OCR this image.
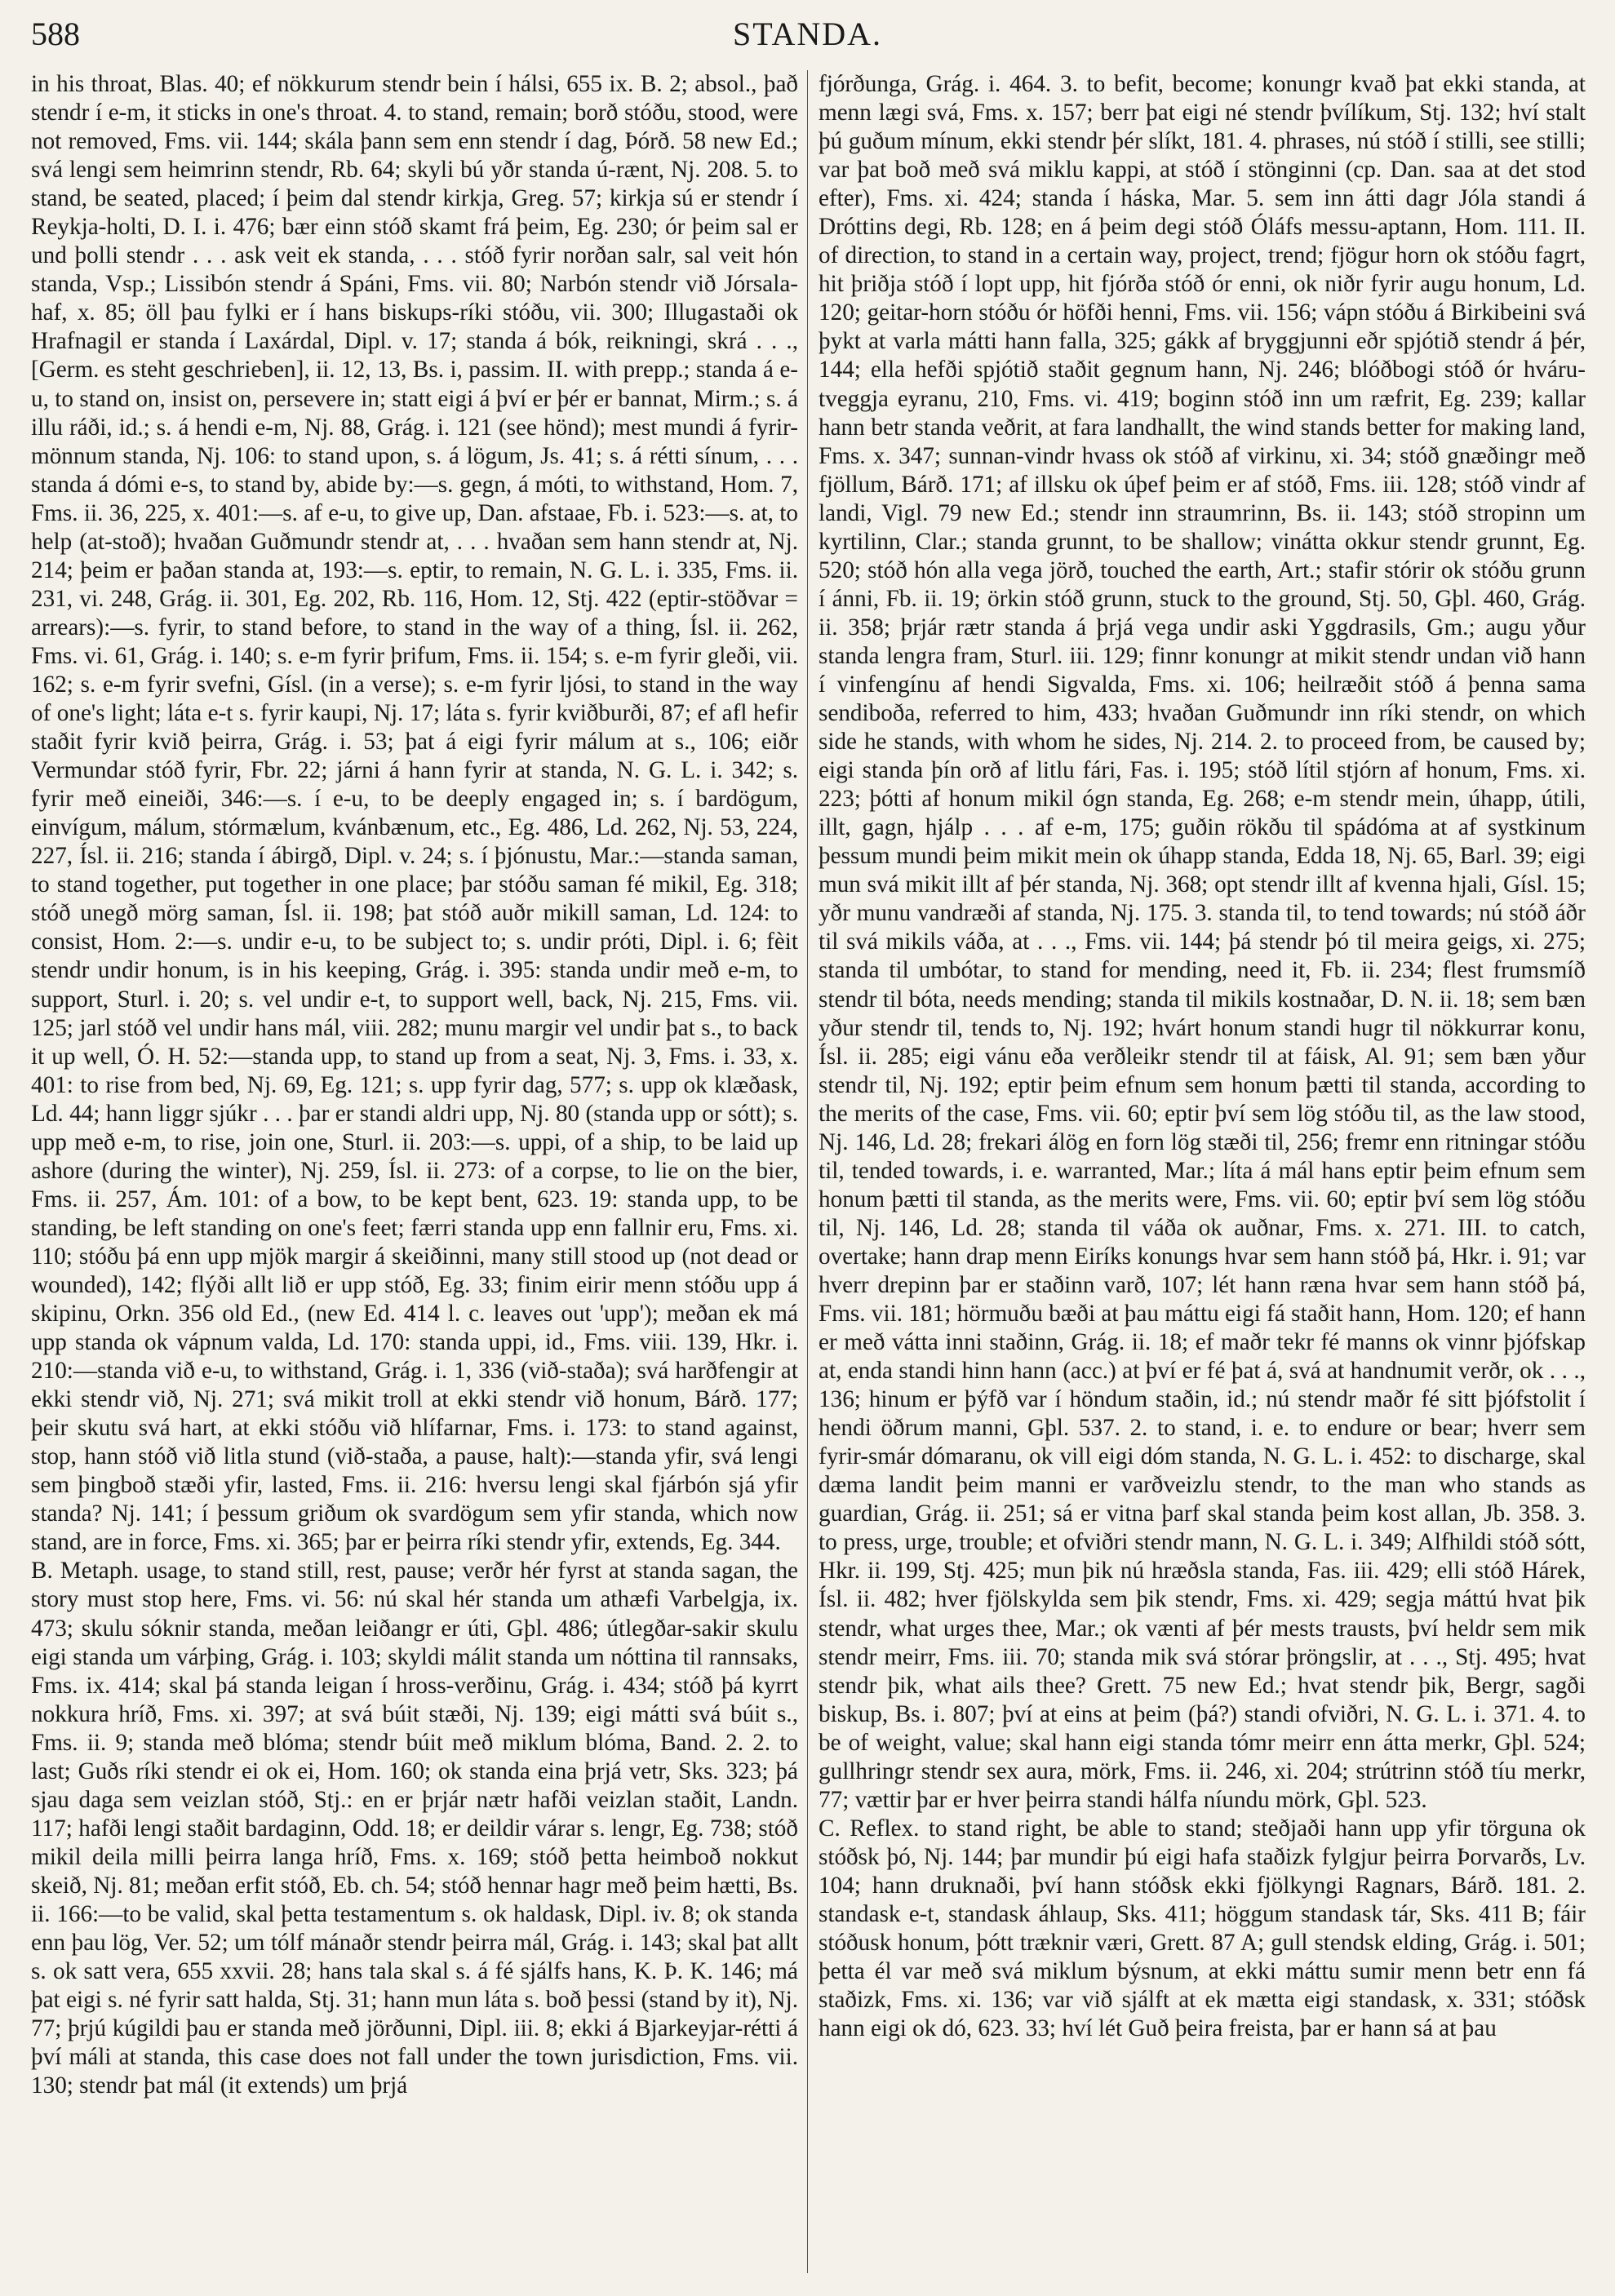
588	STANDA.

in his throat, Blas. 40; ef nökkurum stendr bein í hálsi, 655 ix. B. 2; absol., það stendr í e-m, it sticks in one's throat. 4. to stand, remain; borð stóðu, stood, were not removed, Fms. vii. 144; skála þann sem enn stendr í dag, Þórð. 58 new Ed.; svá lengi sem heimrinn stendr, Rb. 64; skyli bú yðr standa ú-rænt, Nj. 208. 5. to stand, be seated, placed; í þeim dal stendr kirkja, Greg. 57; kirkja sú er stendr í Reykja-holti, D. I. i. 476; bær einn stóð skamt frá þeim, Eg. 230; ór þeim sal er und þolli stendr . . . ask veit ek standa, . . . stóð fyrir norðan salr, sal veit hón standa, Vsp.; Lissibón stendr á Spáni, Fms. vii. 80; Narbón stendr við Jórsala-haf, x. 85; öll þau fylki er í hans biskups-ríki stóðu, vii. 300; Illugastaði ok Hrafnagil er standa í Laxárdal, Dipl. v. 17; standa á bók, reikningi, skrá . . ., [Germ. es steht geschrieben], ii. 12, 13, Bs. i, passim. II. with prepp.; standa á e-u, to stand on, insist on, persevere in; statt eigi á því er þér er bannat, Mirm.; s. á illu ráði, id.; s. á hendi e-m, Nj. 88, Grág. i. 121 (see hönd); mest mundi á fyrir-mönnum standa, Nj. 106: to stand upon, s. á lögum, Js. 41; s. á rétti sínum, . . . standa á dómi e-s, to stand by, abide by:—s. gegn, á móti, to withstand, Hom. 7, Fms. ii. 36, 225, x. 401:—s. af e-u, to give up, Dan. afstaae, Fb. i. 523:—s. at, to help (at-stoð); hvaðan Guðmundr stendr at, . . . hvaðan sem hann stendr at, Nj. 214; þeim er þaðan standa at, 193:—s. eptir, to remain, N. G. L. i. 335, Fms. ii. 231, vi. 248, Grág. ii. 301, Eg. 202, Rb. 116, Hom. 12, Stj. 422 (eptir-stöðvar = arrears):—s. fyrir, to stand before, to stand in the way of a thing, Ísl. ii. 262, Fms. vi. 61, Grág. i. 140; s. e-m fyrir þrifum, Fms. ii. 154; s. e-m fyrir gleði, vii. 162; s. e-m fyrir svefni, Gísl. (in a verse); s. e-m fyrir ljósi, to stand in the way of one's light; láta e-t s. fyrir kaupi, Nj. 17; láta s. fyrir kviðburði, 87; ef afl hefir staðit fyrir kvið þeirra, Grág. i. 53; þat á eigi fyrir málum at s., 106; eiðr Vermundar stóð fyrir, Fbr. 22; járni á hann fyrir at standa, N. G. L. i. 342; s. fyrir með eineiði, 346:—s. í e-u, to be deeply engaged in; s. í bardögum, einvígum, málum, stórmælum, kvánbænum, etc., Eg. 486, Ld. 262, Nj. 53, 224, 227, Ísl. ii. 216; standa í ábirgð, Dipl. v. 24; s. í þjónustu, Mar.:—standa saman, to stand together, put together in one place; þar stóðu saman fé mikil, Eg. 318; stóð unegð mörg saman, Ísl. ii. 198; þat stóð auðr mikill saman, Ld. 124: to consist, Hom. 2:—s. undir e-u, to be subject to; s. undir próti, Dipl. i. 6; fèit stendr undir honum, is in his keeping, Grág. i. 395: standa undir með e-m, to support, Sturl. i. 20; s. vel undir e-t, to support well, back, Nj. 215, Fms. vii. 125; jarl stóð vel undir hans mál, viii. 282; munu margir vel undir þat s., to back it up well, Ó. H. 52:—standa upp, to stand up from a seat, Nj. 3, Fms. i. 33, x. 401: to rise from bed, Nj. 69, Eg. 121; s. upp fyrir dag, 577; s. upp ok klæðask, Ld. 44; hann liggr sjúkr . . . þar er standi aldri upp, Nj. 80 (standa upp or sótt); s. upp með e-m, to rise, join one, Sturl. ii. 203:—s. uppi, of a ship, to be laid up ashore (during the winter), Nj. 259, Ísl. ii. 273: of a corpse, to lie on the bier, Fms. ii. 257, Ám. 101: of a bow, to be kept bent, 623. 19: standa upp, to be standing, be left standing on one's feet; færri standa upp enn fallnir eru, Fms. xi. 110; stóðu þá enn upp mjök margir á skeiðinni, many still stood up (not dead or wounded), 142; flýði allt lið er upp stóð, Eg. 33; finim eirir menn stóðu upp á skipinu, Orkn. 356 old Ed., (new Ed. 414 l. c. leaves out 'upp'); meðan ek má upp standa ok vápnum valda, Ld. 170: standa uppi, id., Fms. viii. 139, Hkr. i. 210:—standa við e-u, to withstand, Grág. i. 1, 336 (við-staða); svá harðfengir at ekki stendr við, Nj. 271; svá mikit troll at ekki stendr við honum, Bárð. 177; þeir skutu svá hart, at ekki stóðu við hlífarnar, Fms. i. 173: to stand against, stop, hann stóð við litla stund (við-staða, a pause, halt):—standa yfir, svá lengi sem þingboð stæði yfir, lasted, Fms. ii. 216: hversu lengi skal fjárbón sjá yfir standa? Nj. 141; í þessum griðum ok svardögum sem yfir standa, which now stand, are in force, Fms. xi. 365; þar er þeirra ríki stendr yfir, extends, Eg. 344.

B. Metaph. usage, to stand still, rest, pause; verðr hér fyrst at standa sagan, the story must stop here, Fms. vi. 56: nú skal hér standa um athæfi Varbelgja, ix. 473; skulu sóknir standa, meðan leiðangr er úti, Gþl. 486; útlegðar-sakir skulu eigi standa um várþing, Grág. i. 103; skyldi málit standa um nóttina til rannsaks, Fms. ix. 414; skal þá standa leigan í hross-verðinu, Grág. i. 434; stóð þá kyrrt nokkura hríð, Fms. xi. 397; at svá búit stæði, Nj. 139; eigi mátti svá búit s., Fms. ii. 9; standa með blóma; stendr búit með miklum blóma, Band. 2. 2. to last; Guðs ríki stendr ei ok ei, Hom. 160; ok standa eina þrjá vetr, Sks. 323; þá sjau daga sem veizlan stóð, Stj.: en er þrjár nætr hafði veizlan staðit, Landn. 117; hafði lengi staðit bardaginn, Odd. 18; er deildir várar s. lengr, Eg. 738; stóð mikil deila milli þeirra langa hríð, Fms. x. 169; stóð þetta heimboð nokkut skeið, Nj. 81; meðan erfit stóð, Eb. ch. 54; stóð hennar hagr með þeim hætti, Bs. ii. 166:—to be valid, skal þetta testamentum s. ok haldask, Dipl. iv. 8; ok standa enn þau lög, Ver. 52; um tólf mánaðr stendr þeirra mál, Grág. i. 143; skal þat allt s. ok satt vera, 655 xxvii. 28; hans tala skal s. á fé sjálfs hans, K. Þ. K. 146; má þat eigi s. né fyrir satt halda, Stj. 31; hann mun láta s. boð þessi (stand by it), Nj. 77; þrjú kúgildi þau er standa með jörðunni, Dipl. iii. 8; ekki á Bjarkeyjar-rétti á því máli at standa, this case does not fall under the town jurisdiction, Fms. vii. 130; stendr þat mál (it extends) um þrjá

fjórðunga, Grág. i. 464. 3. to befit, become; konungr kvað þat ekki standa, at menn lægi svá, Fms. x. 157; berr þat eigi né stendr þvílíkum, Stj. 132; hví stalt þú guðum mínum, ekki stendr þér slíkt, 181. 4. phrases, nú stóð í stilli, see stilli; var þat boð með svá miklu kappi, at stóð í stönginni (cp. Dan. saa at det stod efter), Fms. xi. 424; standa í háska, Mar. 5. sem inn átti dagr Jóla standi á Dróttins degi, Rb. 128; en á þeim degi stóð Óláfs messu-aptann, Hom. 111. II. of direction, to stand in a certain way, project, trend; fjögur horn ok stóðu fagrt, hit þriðja stóð í lopt upp, hit fjórða stóð ór enni, ok niðr fyrir augu honum, Ld. 120; geitar-horn stóðu ór höfði henni, Fms. vii. 156; vápn stóðu á Birkibeini svá þykt at varla mátti hann falla, 325; gákk af bryggjunni eðr spjótið stendr á þér, 144; ella hefði spjótið staðit gegnum hann, Nj. 246; blóðbogi stóð ór hváru-tveggja eyranu, 210, Fms. vi. 419; boginn stóð inn um ræfrit, Eg. 239; kallar hann betr standa veðrit, at fara landhallt, the wind stands better for making land, Fms. x. 347; sunnan-vindr hvass ok stóð af virkinu, xi. 34; stóð gnæðingr með fjöllum, Bárð. 171; af illsku ok úþef þeim er af stóð, Fms. iii. 128; stóð vindr af landi, Vigl. 79 new Ed.; stendr inn straumrinn, Bs. ii. 143; stóð stropinn um kyrtilinn, Clar.; standa grunnt, to be shallow; vinátta okkur stendr grunnt, Eg. 520; stóð hón alla vega jörð, touched the earth, Art.; stafir stórir ok stóðu grunn í ánni, Fb. ii. 19; örkin stóð grunn, stuck to the ground, Stj. 50, Gþl. 460, Grág. ii. 358; þrjár rætr standa á þrjá vega undir aski Yggdrasils, Gm.; augu yður standa lengra fram, Sturl. iii. 129; finnr konungr at mikit stendr undan við hann í vinfengínu af hendi Sigvalda, Fms. xi. 106; heilræðit stóð á þenna sama sendiboða, referred to him, 433; hvaðan Guðmundr inn ríki stendr, on which side he stands, with whom he sides, Nj. 214. 2. to proceed from, be caused by; eigi standa þín orð af litlu fári, Fas. i. 195; stóð lítil stjórn af honum, Fms. xi. 223; þótti af honum mikil ógn standa, Eg. 268; e-m stendr mein, úhapp, útili, illt, gagn, hjálp . . . af e-m, 175; guðin rökðu til spádóma at af systkinum þessum mundi þeim mikit mein ok úhapp standa, Edda 18, Nj. 65, Barl. 39; eigi mun svá mikit illt af þér standa, Nj. 368; opt stendr illt af kvenna hjali, Gísl. 15; yðr munu vandræði af standa, Nj. 175. 3. standa til, to tend towards; nú stóð áðr til svá mikils váða, at . . ., Fms. vii. 144; þá stendr þó til meira geigs, xi. 275; standa til umbótar, to stand for mending, need it, Fb. ii. 234; flest frumsmíð stendr til bóta, needs mending; standa til mikils kostnaðar, D. N. ii. 18; sem bæn yður stendr til, tends to, Nj. 192; hvárt honum standi hugr til nökkurrar konu, Ísl. ii. 285; eigi vánu eða verðleikr stendr til at fáisk, Al. 91; sem bæn yður stendr til, Nj. 192; eptir þeim efnum sem honum þætti til standa, according to the merits of the case, Fms. vii. 60; eptir því sem lög stóðu til, as the law stood, Nj. 146, Ld. 28; frekari álög en forn lög stæði til, 256; fremr enn ritningar stóðu til, tended towards, i. e. warranted, Mar.; líta á mál hans eptir þeim efnum sem honum þætti til standa, as the merits were, Fms. vii. 60; eptir því sem lög stóðu til, Nj. 146, Ld. 28; standa til váða ok auðnar, Fms. x. 271. III. to catch, overtake; hann drap menn Eiríks konungs hvar sem hann stóð þá, Hkr. i. 91; var hverr drepinn þar er staðinn varð, 107; lét hann ræna hvar sem hann stóð þá, Fms. vii. 181; hörmuðu bæði at þau máttu eigi fá staðit hann, Hom. 120; ef hann er með vátta inni staðinn, Grág. ii. 18; ef maðr tekr fé manns ok vinnr þjófskap at, enda standi hinn hann (acc.) at því er fé þat á, svá at handnumit verðr, ok . . ., 136; hinum er þýfð var í höndum staðin, id.; nú stendr maðr fé sitt þjófstolit í hendi öðrum manni, Gþl. 537. 2. to stand, i. e. to endure or bear; hverr sem fyrir-smár dómaranu, ok vill eigi dóm standa, N. G. L. i. 452: to discharge, skal dæma landit þeim manni er varðveizlu stendr, to the man who stands as guardian, Grág. ii. 251; sá er vitna þarf skal standa þeim kost allan, Jb. 358. 3. to press, urge, trouble; et ofviðri stendr mann, N. G. L. i. 349; Alfhildi stóð sótt, Hkr. ii. 199, Stj. 425; mun þik nú hræðsla standa, Fas. iii. 429; elli stóð Hárek, Ísl. ii. 482; hver fjölskylda sem þik stendr, Fms. xi. 429; segja máttú hvat þik stendr, what urges thee, Mar.; ok vænti af þér mests trausts, því heldr sem mik stendr meirr, Fms. iii. 70; standa mik svá stórar þröngslir, at . . ., Stj. 495; hvat stendr þik, what ails thee? Grett. 75 new Ed.; hvat stendr þik, Bergr, sagði biskup, Bs. i. 807; því at eins at þeim (þá?) standi ofviðri, N. G. L. i. 371. 4. to be of weight, value; skal hann eigi standa tómr meirr enn átta merkr, Gþl. 524; gullhringr stendr sex aura, mörk, Fms. ii. 246, xi. 204; strútrinn stóð tíu merkr, 77; vættir þar er hver þeirra standi hálfa níundu mörk, Gþl. 523.

C. Reflex. to stand right, be able to stand; steðjaði hann upp yfir törguna ok stóðsk þó, Nj. 144; þar mundir þú eigi hafa staðizk fylgjur þeirra Þorvarðs, Lv. 104; hann druknaði, því hann stóðsk ekki fjölkyngi Ragnars, Bárð. 181. 2. standask e-t, standask áhlaup, Sks. 411; höggum standask tár, Sks. 411 B; fáir stóðusk honum, þótt træknir væri, Grett. 87 A; gull stendsk elding, Grág. i. 501; þetta él var með svá miklum býsnum, at ekki máttu sumir menn betr enn fá staðizk, Fms. xi. 136; var við sjálft at ek mætta eigi standask, x. 331; stóðsk hann eigi ok dó, 623. 33; hví lét Guð þeira freista, þar er hann sá at þau
